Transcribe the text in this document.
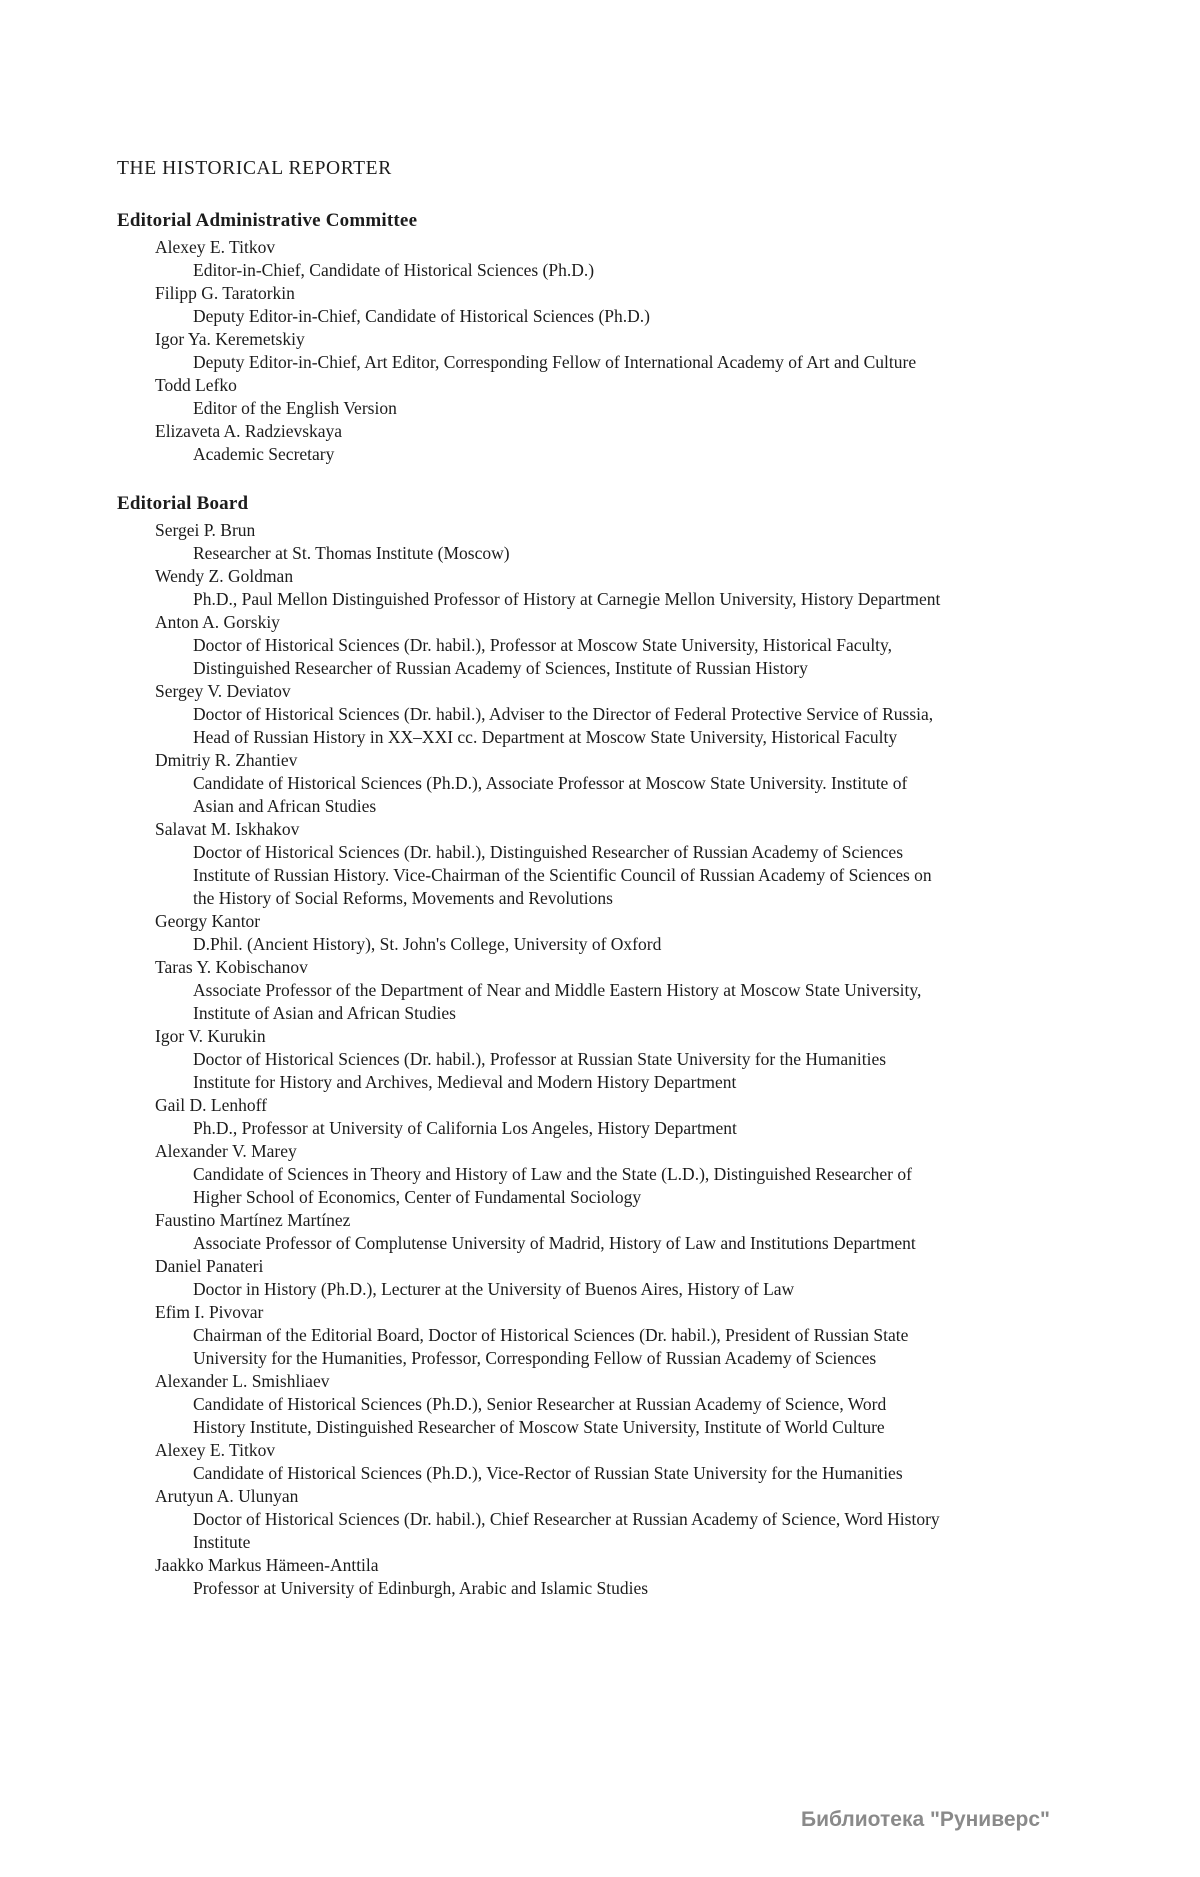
THE HISTORICAL REPORTER
Editorial Administrative Committee
Alexey E. Titkov
Editor-in-Chief, Candidate of Historical Sciences (Ph.D.)
Filipp G. Taratorkin
Deputy Editor-in-Chief, Candidate of Historical Sciences (Ph.D.)
Igor Ya. Keremetskiy
Deputy Editor-in-Chief, Art Editor, Corresponding Fellow of International Academy of Art and Culture
Todd Lefko
Editor of the English Version
Elizaveta A. Radzievskaya
Academic Secretary
Editorial Board
Sergei P. Brun
Researcher at St. Thomas Institute (Moscow)
Wendy Z. Goldman
Ph.D., Paul Mellon Distinguished Professor of History at Carnegie Mellon University, History Department
Anton A. Gorskiy
Doctor of Historical Sciences (Dr. habil.), Professor at Moscow State University, Historical Faculty, Distinguished Researcher of Russian Academy of Sciences, Institute of Russian History
Sergey V. Deviatov
Doctor of Historical Sciences (Dr. habil.), Adviser to the Director of Federal Protective Service of Russia, Head of Russian History in XX–XXI cc. Department at Moscow State University, Historical Faculty
Dmitriy R. Zhantiev
Candidate of Historical Sciences (Ph.D.), Associate Professor at Moscow State University. Institute of Asian and African Studies
Salavat M. Iskhakov
Doctor of Historical Sciences (Dr. habil.), Distinguished Researcher of Russian Academy of Sciences Institute of Russian History. Vice-Chairman of the Scientific Council of Russian Academy of Sciences on the History of Social Reforms, Movements and Revolutions
Georgy Kantor
D.Phil. (Ancient History), St. John's College, University of Oxford
Taras Y. Kobischanov
Associate Professor of the Department of Near and Middle Eastern History at Moscow State University, Institute of Asian and African Studies
Igor V. Kurukin
Doctor of Historical Sciences (Dr. habil.), Professor at Russian State University for the Humanities Institute for History and Archives, Medieval and Modern History Department
Gail D. Lenhoff
Ph.D., Professor at University of California Los Angeles, History Department
Alexander V. Marey
Candidate of Sciences in Theory and History of Law and the State (L.D.), Distinguished Researcher of Higher School of Economics, Center of Fundamental Sociology
Faustino Martínez Martínez
Associate Professor of Complutense University of Madrid, History of Law and Institutions Department
Daniel Panateri
Doctor in History (Ph.D.), Lecturer at the University of Buenos Aires, History of Law
Efim I. Pivovar
Chairman of the Editorial Board, Doctor of Historical Sciences (Dr. habil.), President of Russian State University for the Humanities, Professor, Corresponding Fellow of Russian Academy of Sciences
Alexander L. Smishliaev
Candidate of Historical Sciences (Ph.D.), Senior Researcher at Russian Academy of Science, Word History Institute, Distinguished Researcher of Moscow State University, Institute of World Culture
Alexey E. Titkov
Candidate of Historical Sciences (Ph.D.), Vice-Rector of Russian State University for the Humanities
Arutyun A. Ulunyan
Doctor of Historical Sciences (Dr. habil.), Chief Researcher at Russian Academy of Science, Word History Institute
Jaakko Markus Hämeen-Anttila
Professor at University of Edinburgh, Arabic and Islamic Studies
Библиотека "Руниверс"
